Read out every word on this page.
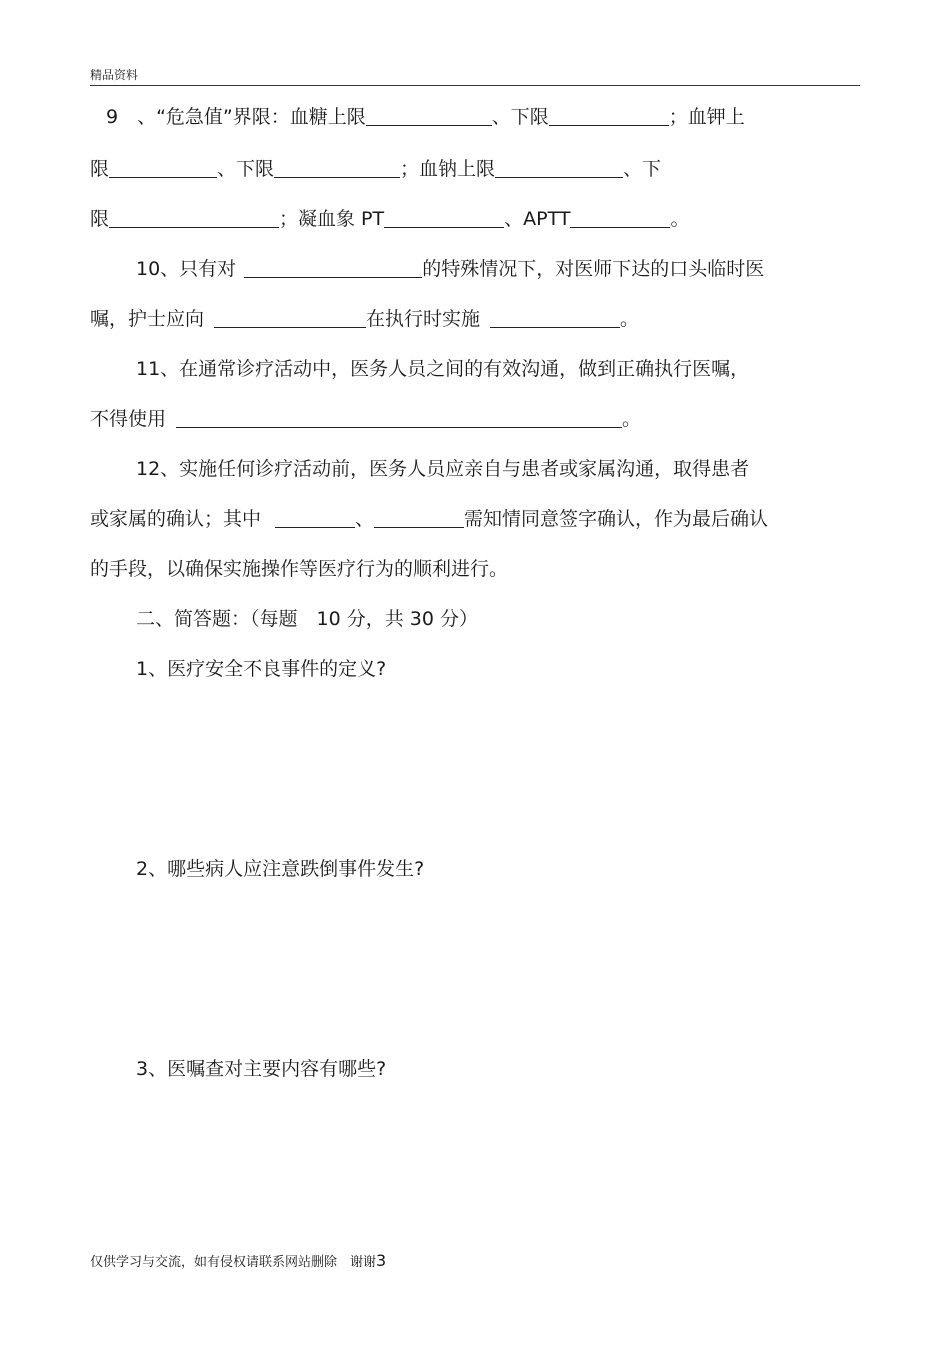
精品资料
9　、“危急值”界限：血糖上限	、下限	；血钾上
限	、下限	；血钠上限	、下
限	；凝血象 PT	、APTT	。
10、只有对	的特殊情况下，对医师下达的口头临时医
嘱，护士应向	在执行时实施	。
11、在通常诊疗活动中，医务人员之间的有效沟通，做到正确执行医嘱，
不得使用	。
12、实施任何诊疗活动前，医务人员应亲自与患者或家属沟通，取得患者
或家属的确认；其中	、	需知情同意签字确认，作为最后确认
的手段，以确保实施操作等医疗行为的顺利进行。
二、简答题：（每题　10 分，共 30 分）
1、医疗安全不良事件的定义?
2、哪些病人应注意跌倒事件发生?
3、医嘱查对主要内容有哪些?
仅供学习与交流，如有侵权请联系网站删除　谢谢3
